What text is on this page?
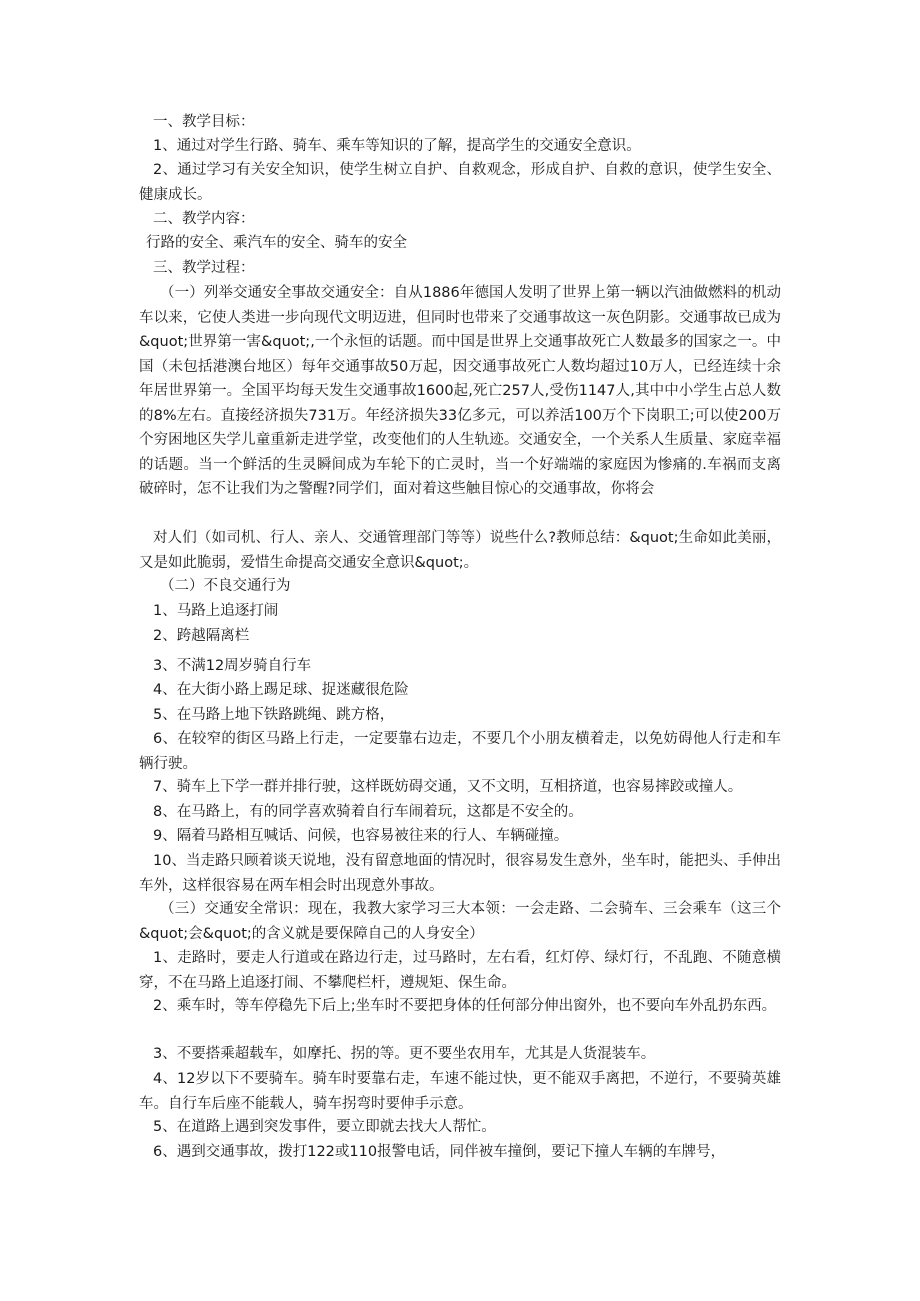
一、教学目标：

1、通过对学生行路、骑车、乘车等知识的了解，提高学生的交通安全意识。

2、通过学习有关安全知识，使学生树立自护、自救观念，形成自护、自救的意识，使学生安全、健康成长。

二、教学内容：

行路的安全、乘汽车的安全、骑车的安全

三、教学过程：

（一）列举交通安全事故交通安全：自从1886年德国人发明了世界上第一辆以汽油做燃料的机动车以来，它使人类进一步向现代文明迈进，但同时也带来了交通事故这一灰色阴影。交通事故已成为&quot;世界第一害&quot;,一个永恒的话题。而中国是世界上交通事故死亡人数最多的国家之一。中国（未包括港澳台地区）每年交通事故50万起，因交通事故死亡人数均超过10万人，已经连续十余年居世界第一。全国平均每天发生交通事故1600起,死亡257人,受伤1147人,其中中小学生占总人数的8%左右。直接经济损失731万。年经济损失33亿多元，可以养活100万个下岗职工;可以使200万个穷困地区失学儿童重新走进学堂，改变他们的人生轨迹。交通安全，一个关系人生质量、家庭幸福的话题。当一个鲜活的生灵瞬间成为车轮下的亡灵时，当一个好端端的家庭因为惨痛的.车祸而支离破碎时，怎不让我们为之警醒?同学们，面对着这些触目惊心的交通事故，你将会

对人们（如司机、行人、亲人、交通管理部门等等）说些什么?教师总结：&quot;生命如此美丽，又是如此脆弱，爱惜生命提高交通安全意识&quot;。

（二）不良交通行为

1、马路上追逐打闹

2、跨越隔离栏

3、不满12周岁骑自行车

4、在大街小路上踢足球、捉迷藏很危险

5、在马路上地下铁路跳绳、跳方格，

6、在较窄的街区马路上行走，一定要靠右边走，不要几个小朋友横着走，以免妨碍他人行走和车辆行驶。

7、骑车上下学一群并排行驶，这样既妨碍交通，又不文明，互相挤道，也容易摔跤或撞人。

8、在马路上，有的同学喜欢骑着自行车闹着玩，这都是不安全的。

9、隔着马路相互喊话、问候，也容易被往来的行人、车辆碰撞。

10、当走路只顾着谈天说地，没有留意地面的情况时，很容易发生意外，坐车时，能把头、手伸出车外，这样很容易在两车相会时出现意外事故。

（三）交通安全常识：现在，我教大家学习三大本领：一会走路、二会骑车、三会乘车（这三个&quot;会&quot;的含义就是要保障自己的人身安全）

1、走路时，要走人行道或在路边行走，过马路时，左右看，红灯停、绿灯行，不乱跑、不随意横穿，不在马路上追逐打闹、不攀爬栏杆，遵规矩、保生命。

2、乘车时，等车停稳先下后上;坐车时不要把身体的任何部分伸出窗外，也不要向车外乱扔东西。

3、不要搭乘超载车，如摩托、拐的等。更不要坐农用车，尤其是人货混装车。

4、12岁以下不要骑车。骑车时要靠右走，车速不能过快，更不能双手离把，不逆行，不要骑英雄车。自行车后座不能载人，骑车拐弯时要伸手示意。

5、在道路上遇到突发事件，要立即就去找大人帮忙。

6、遇到交通事故，拨打122或110报警电话，同伴被车撞倒，要记下撞人车辆的车牌号，
